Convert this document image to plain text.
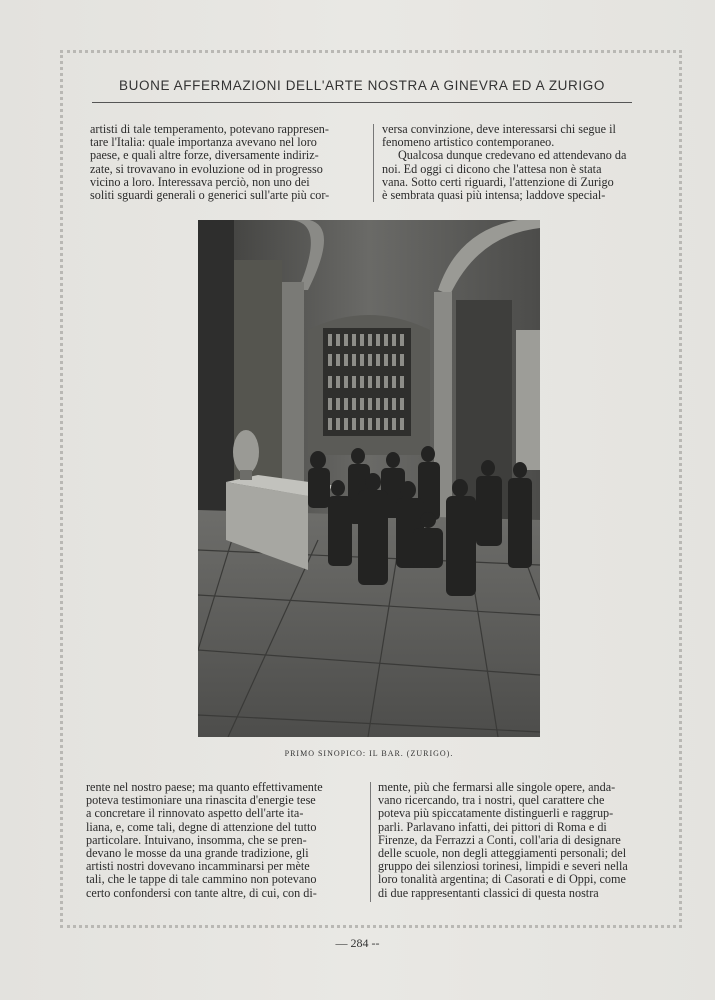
BUONE AFFERMAZIONI DELL'ARTE NOSTRA A GINEVRA ED A ZURIGO

artisti di tale temperamento, potevano rappresen-

tare l'Italia: quale importanza avevano nel loro

paese, e quali altre forze, diversamente indiriz-

zate, si trovavano in evoluzione od in progresso

vicino a loro. Interessava perciò, non uno dei

soliti sguardi generali o generici sull'arte più cor-

versa convinzione, deve interessarsi chi segue il

fenomeno artistico contemporaneo.

Qualcosa dunque credevano ed attendevano da

noi. Ed oggi ci dicono che l'attesa non è stata

vana. Sotto certi riguardi, l'attenzione di Zurigo

è sembrata quasi più intensa; laddove special-

PRIMO SINOPICO: IL BAR. (ZURIGO).

rente nel nostro paese; ma quanto effettivamente

poteva testimoniare una rinascita d'energie tese

a concretare il rinnovato aspetto dell'arte ita-

liana, e, come tali, degne di attenzione del tutto

particolare. Intuivano, insomma, che se pren-

devano le mosse da una grande tradizione, gli

artisti nostri dovevano incamminarsi per mète

tali, che le tappe di tale cammino non potevano

certo confondersi con tante altre, di cui, con di-

mente, più che fermarsi alle singole opere, anda-

vano ricercando, tra i nostri, quel carattere che

poteva più spiccatamente distinguerli e raggrup-

parli. Parlavano infatti, dei pittori di Roma e di

Firenze, da Ferrazzi a Conti, coll'aria di designare

delle scuole, non degli atteggiamenti personali; del

gruppo dei silenziosi torinesi, limpidi e severi nella

loro tonalità argentina; di Casorati e di Oppi, come

di due rappresentanti classici di questa nostra

— 284 --
